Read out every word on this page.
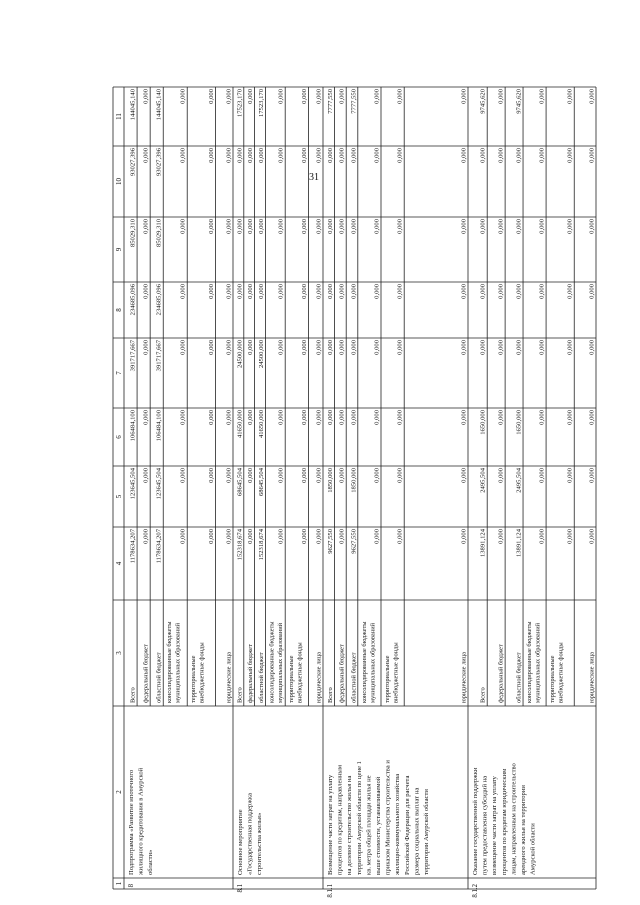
31
1
2
3
4
5
6
7
8
9
10
11
8
Подпрограмма «Развитие ипотечного жилищного кредитования в Амурской области»
Всего
1178634,207
123645,504
106484,100
391717,667
234685,096
85029,310
93027,396
144045,140
федеральный бюджет
0,000
0,000
0,000
0,000
0,000
0,000
0,000
0,000
областной бюджет
1178634,207
123645,504
106484,100
391717,667
234685,096
85029,310
93027,396
144045,140
консолидированные бюджеты муниципальных образований
0,000
0,000
0,000
0,000
0,000
0,000
0,000
0,000
территориальные внебюджетные фонды
0,000
0,000
0,000
0,000
0,000
0,000
0,000
0,000
юридические лица
0,000
0,000
0,000
0,000
0,000
0,000
0,000
0,000
8.1
Основное мероприятие «Государственная поддержка строительства жилья»
Всего
152318,674
68645,504
41650,000
24500,000
0,000
0,000
0,000
17523,170
федеральный бюджет
0,000
0,000
0,000
0,000
0,000
0,000
0,000
0,000
областной бюджет
152318,674
68645,504
41650,000
24500,000
0,000
0,000
0,000
17523,170
консолидированные бюджеты муниципальных образований
0,000
0,000
0,000
0,000
0,000
0,000
0,000
0,000
территориальные внебюджетные фонды
0,000
0,000
0,000
0,000
0,000
0,000
0,000
0,000
юридические лица
0,000
0,000
0,000
0,000
0,000
0,000
0,000
0,000
8.1.1
Возмещение части затрат на уплату процентов по кредитам, направленным на долевое строительство жилья на территории Амурской области по цене 1 кв. метра общей площади жилья не выше стоимости, устанавливаемой приказом Министерства строительства и жилищно-коммунального хозяйства Российской Федерации для расчета размера социальных выплат на территории Амурской области
Всего
9627,550
1850,000
0,000
0,000
0,000
0,000
0,000
7777,550
федеральный бюджет
0,000
0,000
0,000
0,000
0,000
0,000
0,000
0,000
областной бюджет
9627,550
1850,000
0,000
0,000
0,000
0,000
0,000
7777,550
консолидированные бюджеты муниципальных образований
0,000
0,000
0,000
0,000
0,000
0,000
0,000
0,000
территориальные внебюджетные фонды
0,000
0,000
0,000
0,000
0,000
0,000
0,000
0,000
юридические лица
0,000
0,000
0,000
0,000
0,000
0,000
0,000
0,000
8.1.2
Оказание государственной поддержки путем предоставления субсидий на возмещение части затрат на уплату процентов по кредитам юридическим лицам, направленным на строительство арендного жилья на территории Амурской области
Всего
13891,124
2495,504
1650,000
0,000
0,000
0,000
0,000
9745,620
федеральный бюджет
0,000
0,000
0,000
0,000
0,000
0,000
0,000
0,000
областной бюджет
13891,124
2495,504
1650,000
0,000
0,000
0,000
0,000
9745,620
консолидированные бюджеты муниципальных образований
0,000
0,000
0,000
0,000
0,000
0,000
0,000
0,000
территориальные внебюджетные фонды
0,000
0,000
0,000
0,000
0,000
0,000
0,000
0,000
юридические лица
0,000
0,000
0,000
0,000
0,000
0,000
0,000
0,000
